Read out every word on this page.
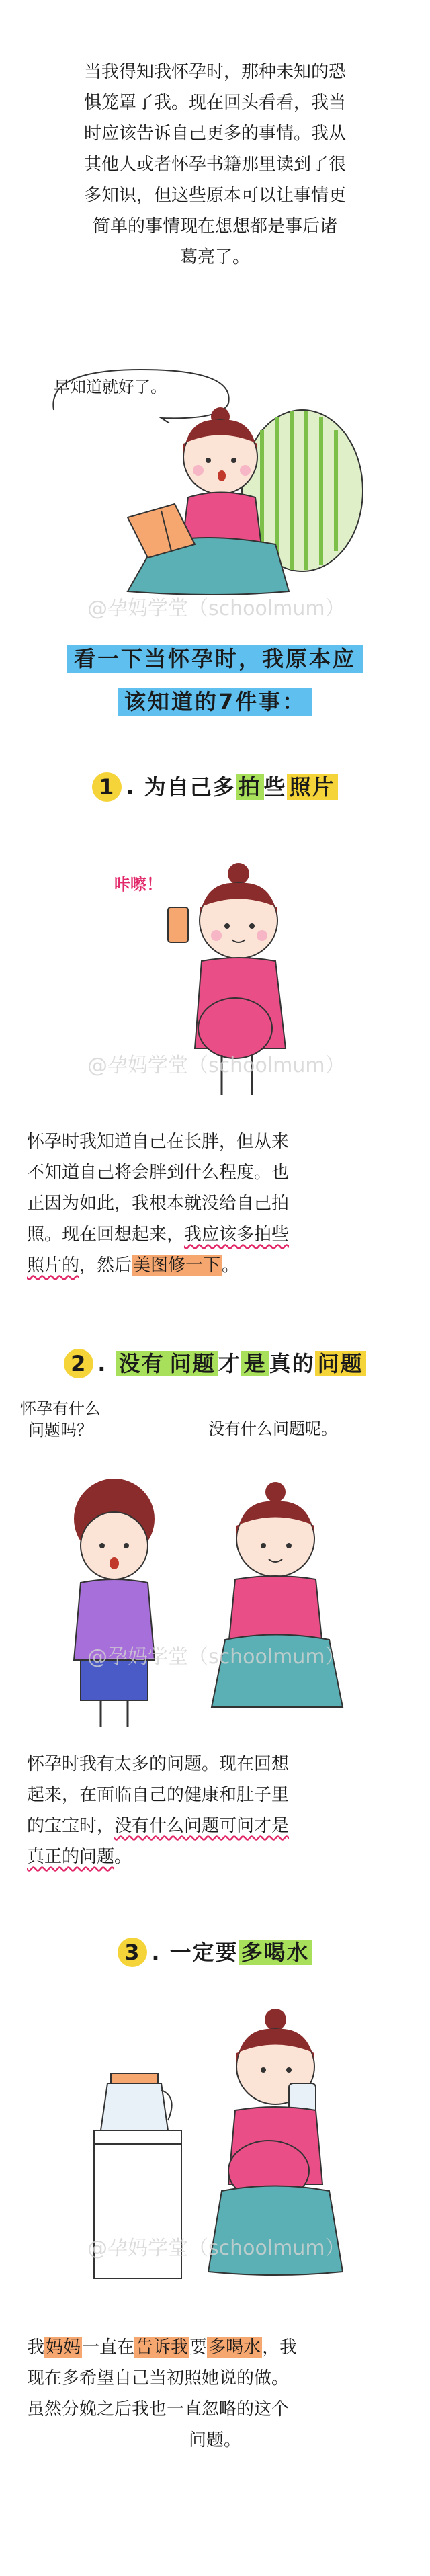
当我得知我怀孕时，那种未知的恐
惧笼罩了我。现在回头看看，我当
时应该告诉自己更多的事情。我从
其他人或者怀孕书籍那里读到了很
多知识，但这些原本可以让事情更
简单的事情现在想想都是事后诸
葛亮了。
早知道就好了。
@孕妈学堂（schoolmum）
看一下当怀孕时，我原本应
该知道的7件事：
1 . 为自己多 拍 些 照片
咔嚓！
@孕妈学堂（schoolmum）
怀孕时我知道自己在长胖，但从来
不知道自己将会胖到什么程度。也
正因为如此，我根本就没给自己拍
照。现在回想起来，我应该多拍些
照片的，然后美图修一下。
2 . 没有 问题 才 是 真的 问题
怀孕有什么
问题吗？	没有什么问题呢。
@孕妈学堂（schoolmum）
怀孕时我有太多的问题。现在回想
起来，在面临自己的健康和肚子里
的宝宝时，没有什么问题可问才是
真正的问题。
3 . 一定要 多喝水
@孕妈学堂（schoolmum）
我妈妈一直在告诉我要多喝水，我
现在多希望自己当初照她说的做。
虽然分娩之后我也一直忽略的这个
问题。
